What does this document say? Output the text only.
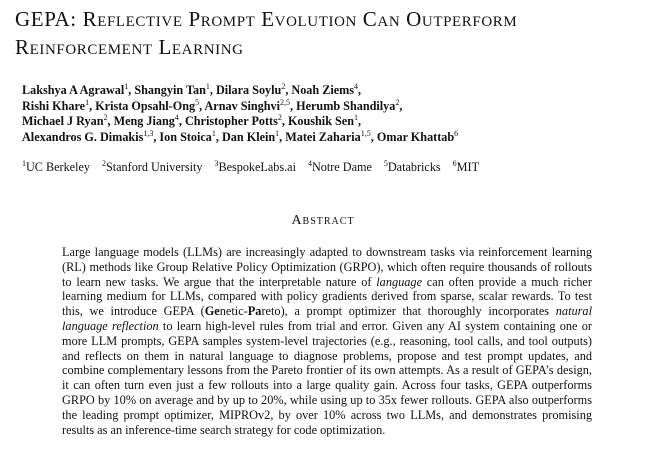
GEPA: Reflective Prompt Evolution Can Outperform
Reinforcement Learning
Lakshya A Agrawal$^1$, Shangyin Tan$^1$, Dilara Soylu$^2$, Noah Ziems$^4$,
Rishi Khare$^1$, Krista Opsahl-Ong$^5$, Arnav Singhvi$^{2,5}$, Herumb Shandilya$^2$,
Michael J Ryan$^2$, Meng Jiang$^4$, Christopher Potts$^2$, Koushik Sen$^1$,
Alexandros G. Dimakis$^{1,3}$, Ion Stoica$^1$, Dan Klein$^1$, Matei Zaharia$^{1,5}$, Omar Khattab$^6$
$^1$UC Berkeley $^2$Stanford University $^3$BespokeLabs.ai $^4$Notre Dame $^5$Databricks $^6$MIT
Abstract
Large language models (LLMs) are increasingly adapted to downstream tasks via reinforcement learning (RL) methods like Group Relative Policy Optimization (GRPO), which often require thousands of rollouts to learn new tasks. We argue that the interpretable nature of language can often provide a much richer learning medium for LLMs, compared with policy gradients derived from sparse, scalar rewards. To test this, we introduce GEPA (Genetic-Pareto), a prompt optimizer that thoroughly incorporates natural language reflection to learn high-level rules from trial and error. Given any AI system containing one or more LLM prompts, GEPA samples system-level trajectories (e.g., reasoning, tool calls, and tool outputs) and reflects on them in natural language to diagnose problems, propose and test prompt updates, and combine complementary lessons from the Pareto frontier of its own attempts. As a result of GEPA’s design, it can often turn even just a few rollouts into a large quality gain. Across four tasks, GEPA outperforms GRPO by 10% on average and by up to 20%, while using up to 35x fewer rollouts. GEPA also outperforms the leading prompt optimizer, MIPROv2, by over 10% across two LLMs, and demonstrates promising results as an inference-time search strategy for code optimization.
